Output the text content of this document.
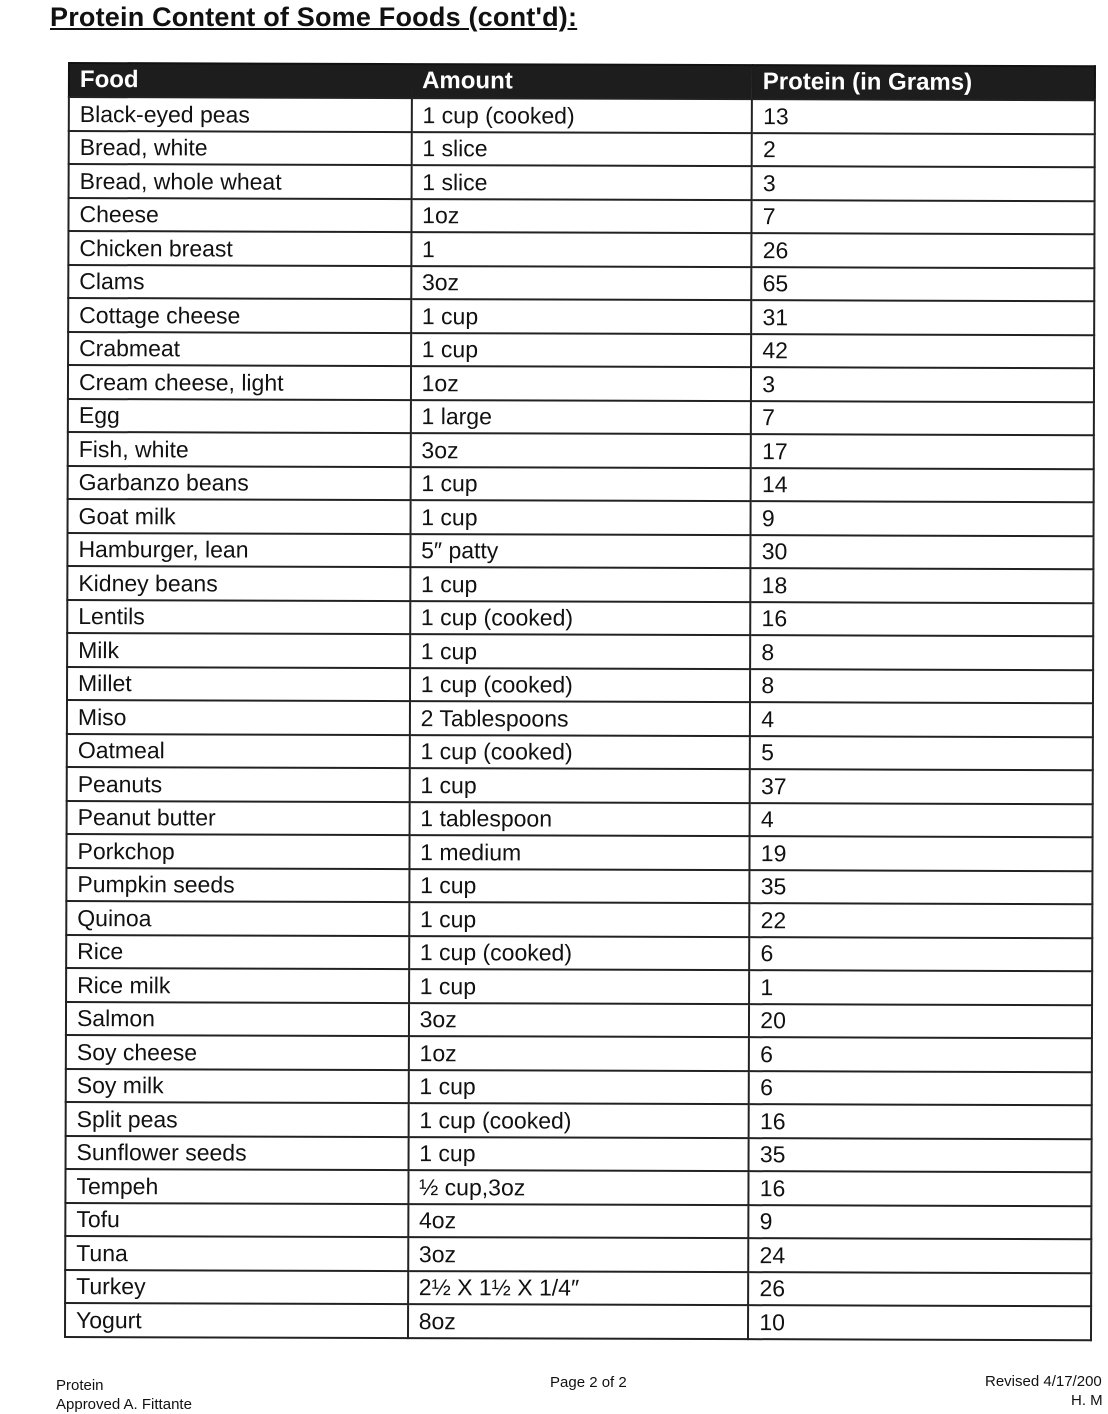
Protein Content of Some Foods (cont'd):
Food	Amount	Protein (in Grams)
Black-eyed peas	1 cup (cooked)	13
Bread, white	1 slice	2
Bread, whole wheat	1 slice	3
Cheese	1oz	7
Chicken breast	1	26
Clams	3oz	65
Cottage cheese	1 cup	31
Crabmeat	1 cup	42
Cream cheese, light	1oz	3
Egg	1 large	7
Fish, white	3oz	17
Garbanzo beans	1 cup	14
Goat milk	1 cup	9
Hamburger, lean	5″ patty	30
Kidney beans	1 cup	18
Lentils	1 cup (cooked)	16
Milk	1 cup	8
Millet	1 cup (cooked)	8
Miso	2 Tablespoons	4
Oatmeal	1 cup (cooked)	5
Peanuts	1 cup	37
Peanut butter	1 tablespoon	4
Porkchop	1 medium	19
Pumpkin seeds	1 cup	35
Quinoa	1 cup	22
Rice	1 cup (cooked)	6
Rice milk	1 cup	1
Salmon	3oz	20
Soy cheese	1oz	6
Soy milk	1 cup	6
Split peas	1 cup (cooked)	16
Sunflower seeds	1 cup	35
Tempeh	½ cup,3oz	16
Tofu	4oz	9
Tuna	3oz	24
Turkey	2½ X 1½ X 1/4″	26
Yogurt	8oz	10
Protein
Approved A. Fittante
Page 2 of 2	Revised 4/17/200
H. M
